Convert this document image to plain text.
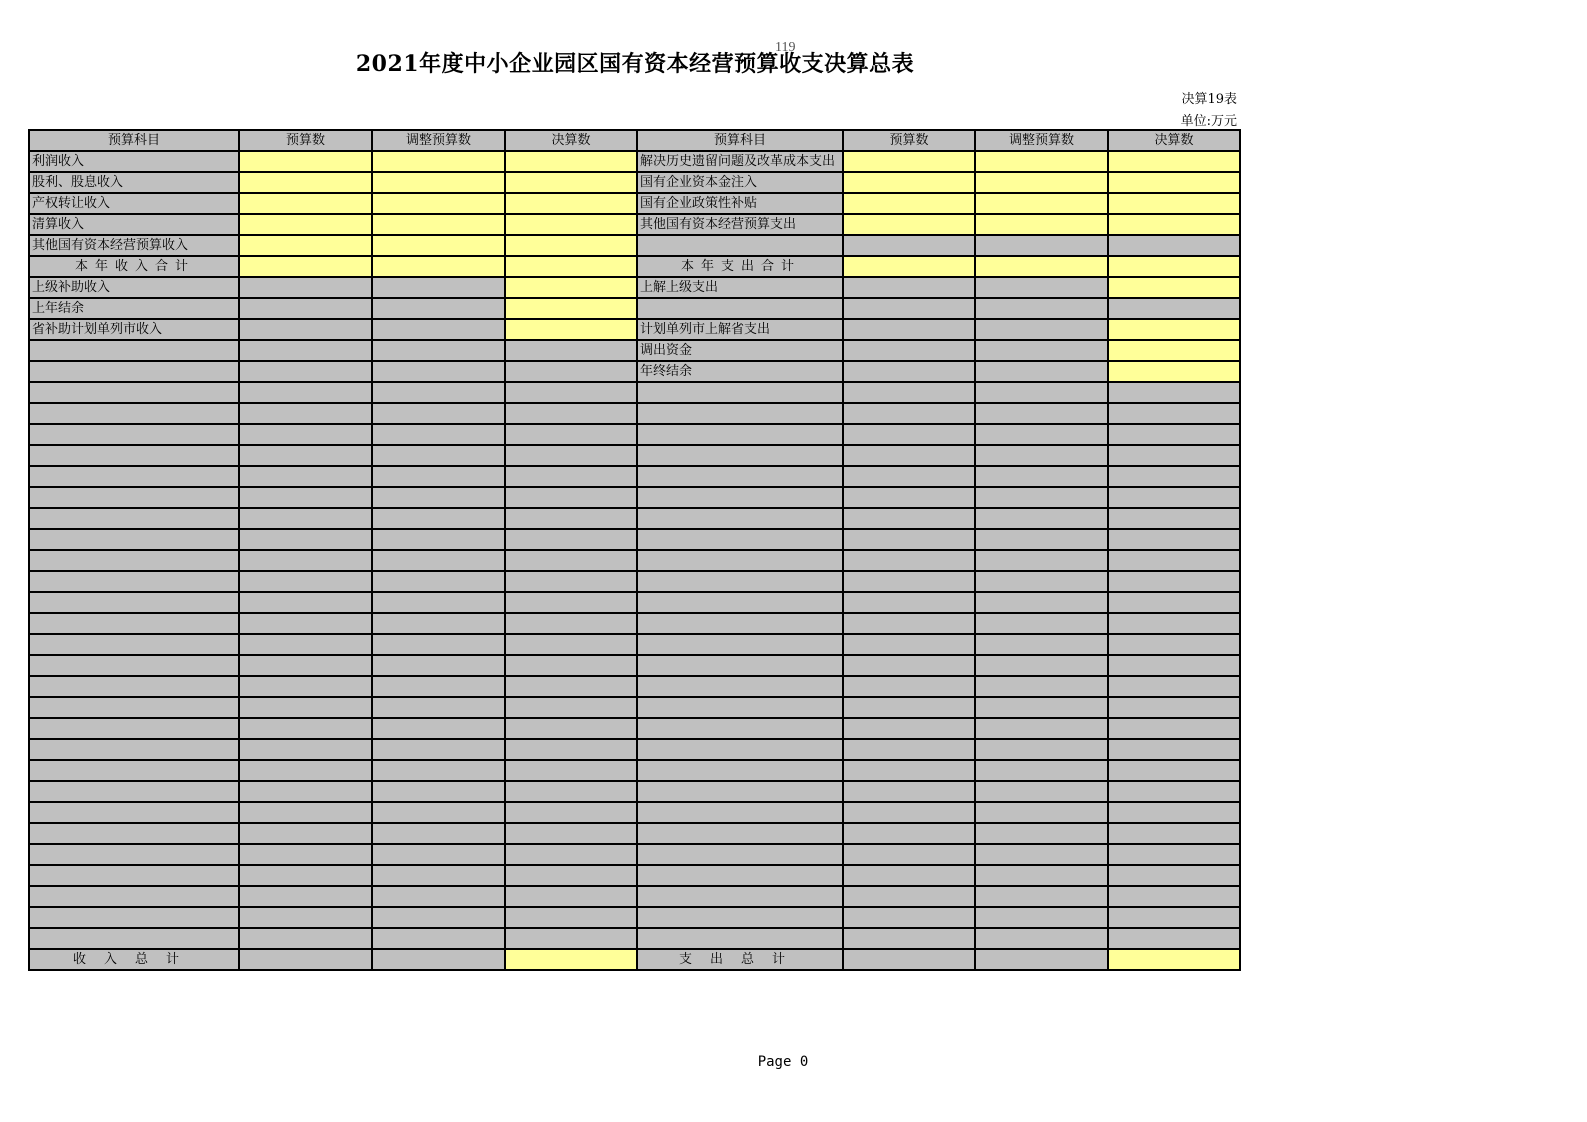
119
2021年度中小企业园区国有资本经营预算收支决算总表
决算19表
单位:万元
预算科目	预算数	调整预算数	决算数	预算科目	预算数	调整预算数	决算数
利润收入				解决历史遗留问题及改革成本支出			
股利、股息收入				国有企业资本金注入			
产权转让收入				国有企业政策性补贴			
清算收入				其他国有资本经营预算支出			
其他国有资本经营预算收入							
本年收入合计				本年支出合计			
上级补助收入				上解上级支出			
上年结余							
省补助计划单列市收入				计划单列市上解省支出			
				调出资金			
				年终结余			

收入总计				支出总计			
Page 0
